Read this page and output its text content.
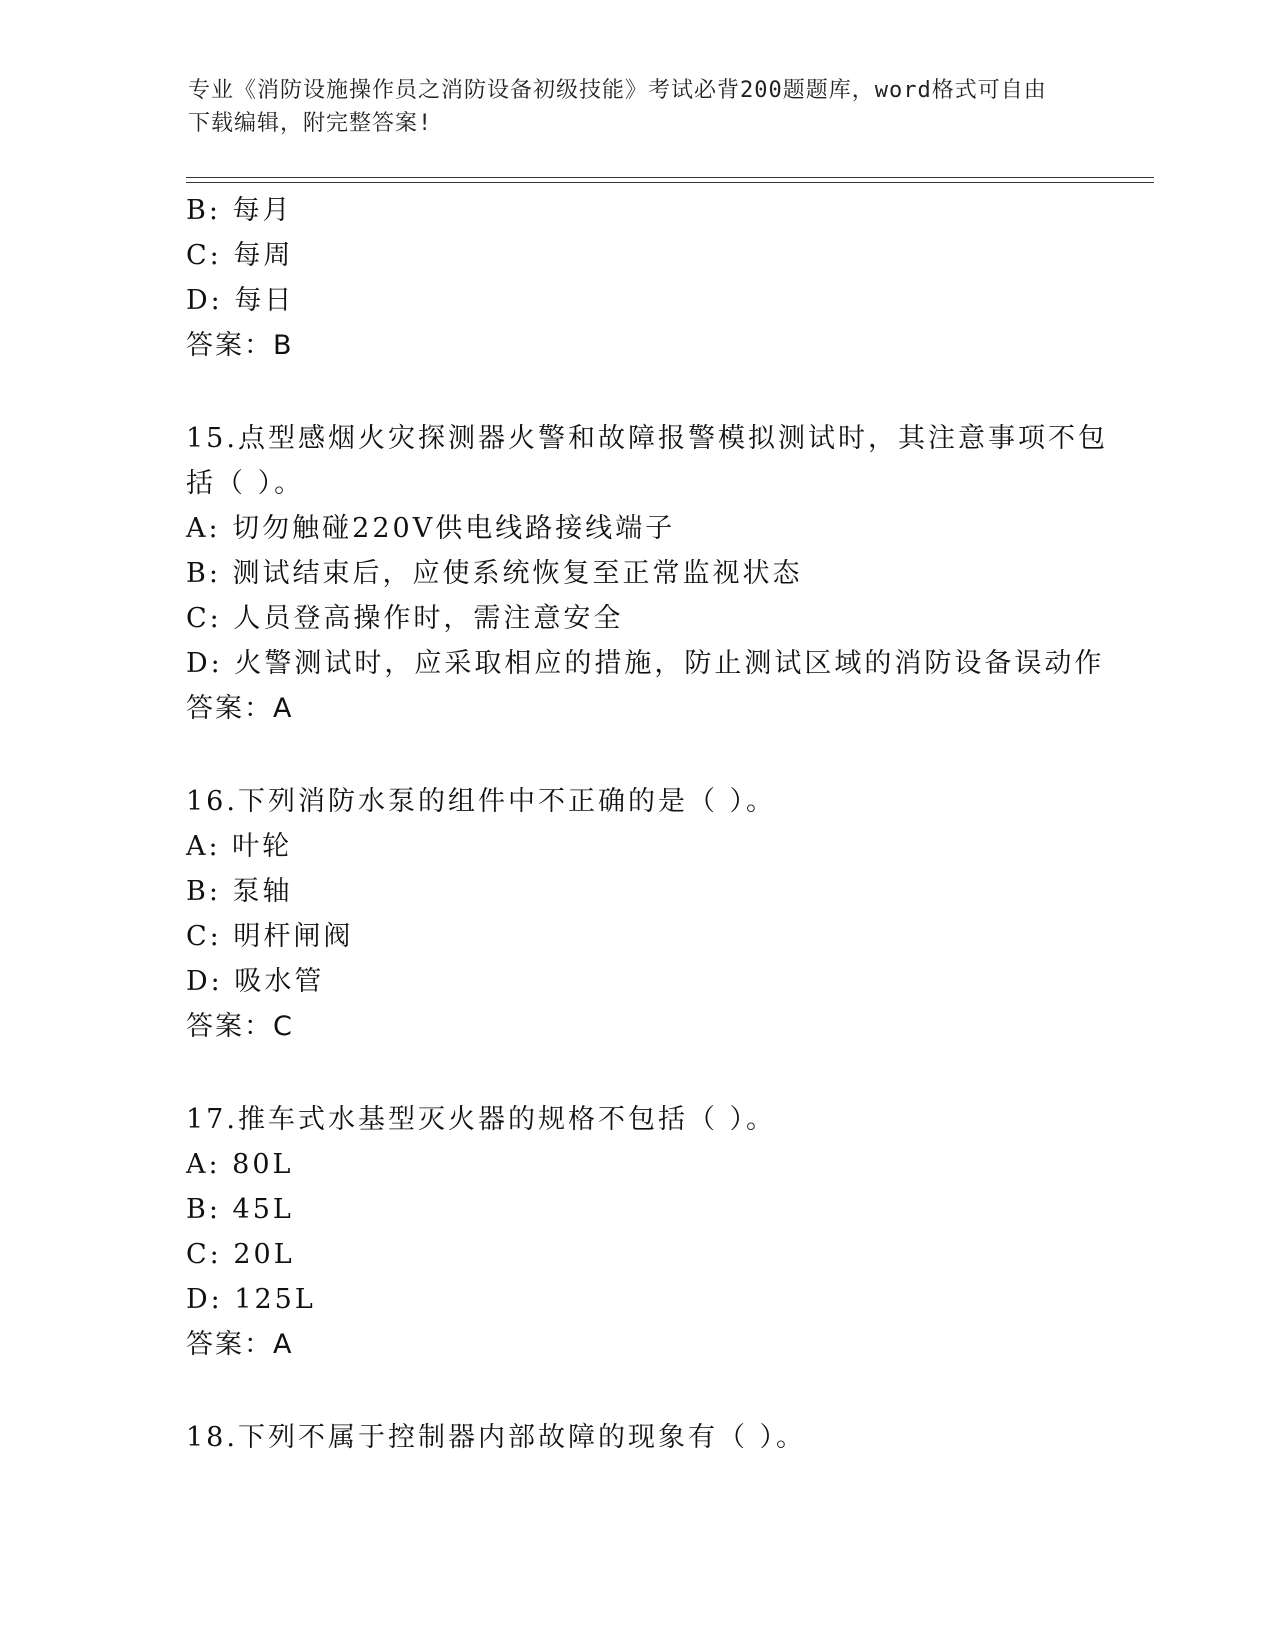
专业《消防设施操作员之消防设备初级技能》考试必背200题题库，word格式可自由下载编辑，附完整答案!
B: 每月
C: 每周
D: 每日
答案：B
15.点型感烟火灾探测器火警和故障报警模拟测试时，其注意事项不包
括（ ）。
A: 切勿触碰220V供电线路接线端子
B: 测试结束后，应使系统恢复至正常监视状态
C: 人员登高操作时，需注意安全
D: 火警测试时，应采取相应的措施，防止测试区域的消防设备误动作
答案：A
16.下列消防水泵的组件中不正确的是（ ）。
A: 叶轮
B: 泵轴
C: 明杆闸阀
D: 吸水管
答案：C
17.推车式水基型灭火器的规格不包括（ ）。
A: 80L
B: 45L
C: 20L
D: 125L
答案：A
18.下列不属于控制器内部故障的现象有（ ）。
